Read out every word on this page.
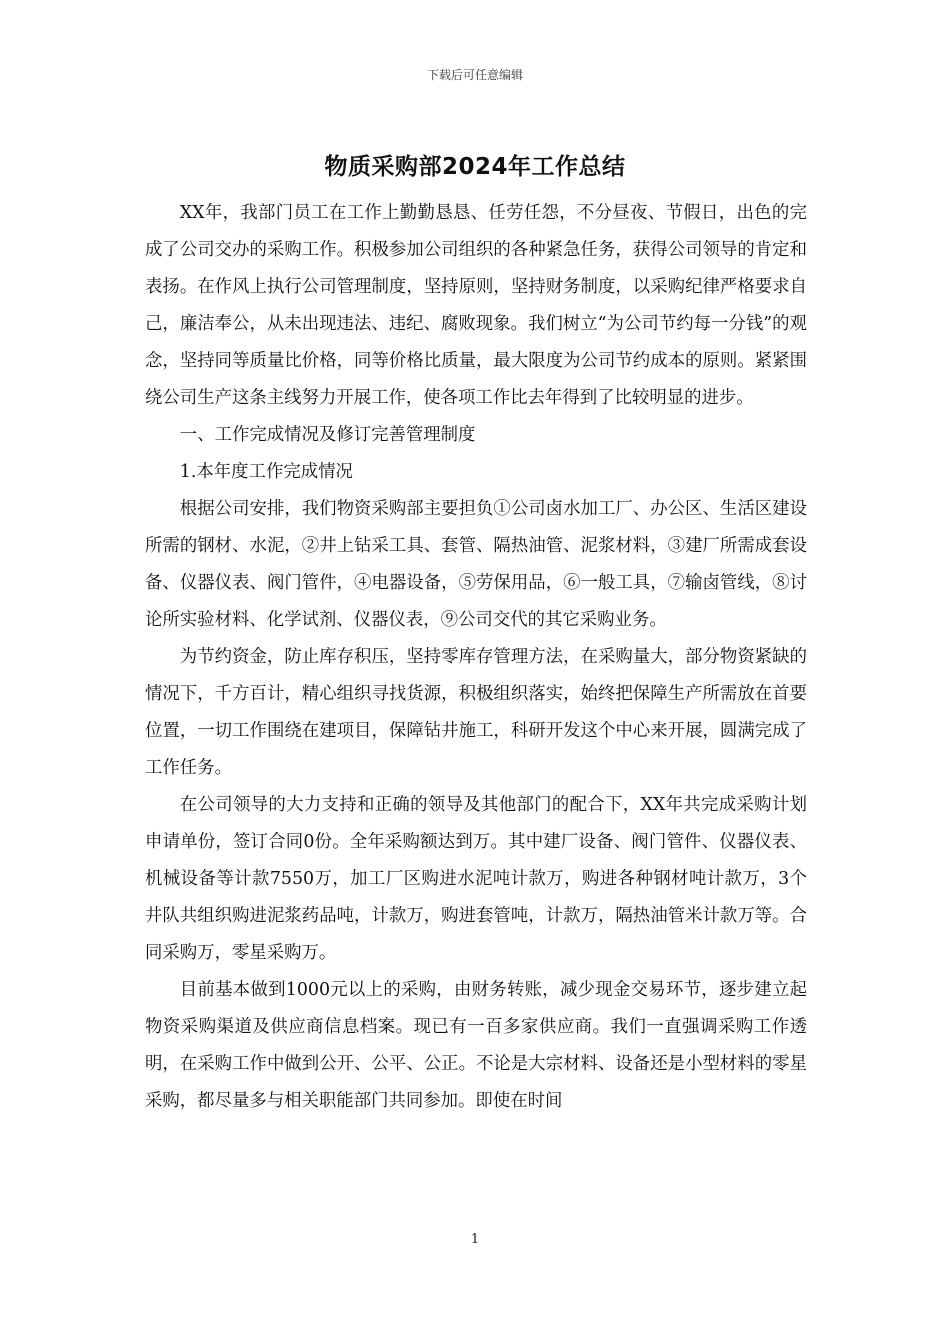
下载后可任意编辑
物质采购部2024年工作总结

XX年，我部门员工在工作上勤勤恳恳、任劳任怨，不分昼夜、节假日，出色的完成了公司交办的采购工作。积极参加公司组织的各种紧急任务，获得公司领导的肯定和表扬。在作风上执行公司管理制度，坚持原则，坚持财务制度，以采购纪律严格要求自己，廉洁奉公，从未出现违法、违纪、腐败现象。我们树立“为公司节约每一分钱”的观念，坚持同等质量比价格，同等价格比质量，最大限度为公司节约成本的原则。紧紧围绕公司生产这条主线努力开展工作，使各项工作比去年得到了比较明显的进步。

一、工作完成情况及修订完善管理制度

1.本年度工作完成情况

根据公司安排，我们物资采购部主要担负①公司卤水加工厂、办公区、生活区建设所需的钢材、水泥，②井上钻采工具、套管、隔热油管、泥浆材料，③建厂所需成套设备、仪器仪表、阀门管件，④电器设备，⑤劳保用品，⑥一般工具，⑦输卤管线，⑧讨论所实验材料、化学试剂、仪器仪表，⑨公司交代的其它采购业务。

为节约资金，防止库存积压，坚持零库存管理方法，在采购量大，部分物资紧缺的情况下，千方百计，精心组织寻找货源，积极组织落实，始终把保障生产所需放在首要位置，一切工作围绕在建项目，保障钻井施工，科研开发这个中心来开展，圆满完成了工作任务。

在公司领导的大力支持和正确的领导及其他部门的配合下，XX年共完成采购计划申请单份，签订合同0份。全年采购额达到万。其中建厂设备、阀门管件、仪器仪表、机械设备等计款7550万，加工厂区购进水泥吨计款万，购进各种钢材吨计款万，3个井队共组织购进泥浆药品吨，计款万，购进套管吨，计款万，隔热油管米计款万等。合同采购万，零星采购万。

目前基本做到1000元以上的采购，由财务转账，减少现金交易环节，逐步建立起物资采购渠道及供应商信息档案。现已有一百多家供应商。我们一直强调采购工作透明，在采购工作中做到公开、公平、公正。不论是大宗材料、设备还是小型材料的零星采购，都尽量多与相关职能部门共同参加。即使在时间

1
